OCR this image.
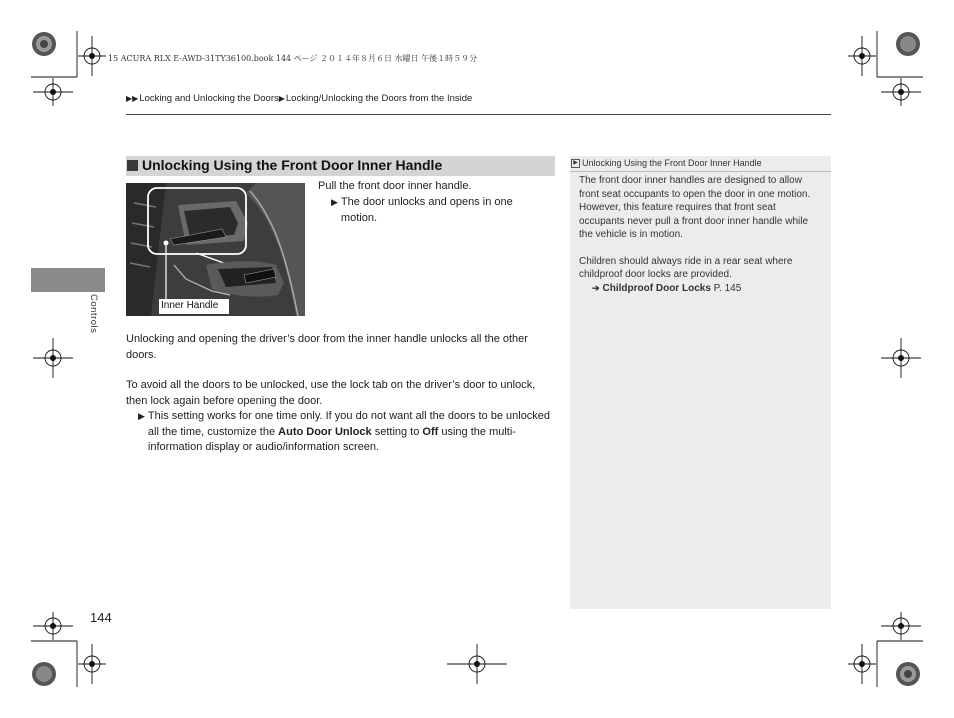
15 ACURA RLX E-AWD-31TY36100.book 144 ページ ２０１４年８月６日 水曜日 午後１時５９分
▶▶Locking and Unlocking the Doors▶Locking/Unlocking the Doors from the Inside
Controls
Unlocking Using the Front Door Inner Handle
Inner Handle
Pull the front door inner handle.
▶ The door unlocks and opens in one motion.
Unlocking and opening the driver’s door from the inner handle unlocks all the other doors.
To avoid all the doors to be unlocked, use the lock tab on the driver’s door to unlock, then lock again before opening the door.
▶ This setting works for one time only. If you do not want all the doors to be unlocked all the time, customize the Auto Door Unlock setting to Off using the multi-information display or audio/information screen.
▶ Unlocking Using the Front Door Inner Handle
The front door inner handles are designed to allow front seat occupants to open the door in one motion. However, this feature requires that front seat occupants never pull a front door inner handle while the vehicle is in motion.
Children should always ride in a rear seat where childproof door locks are provided.
➔ Childproof Door Locks P. 145
144
